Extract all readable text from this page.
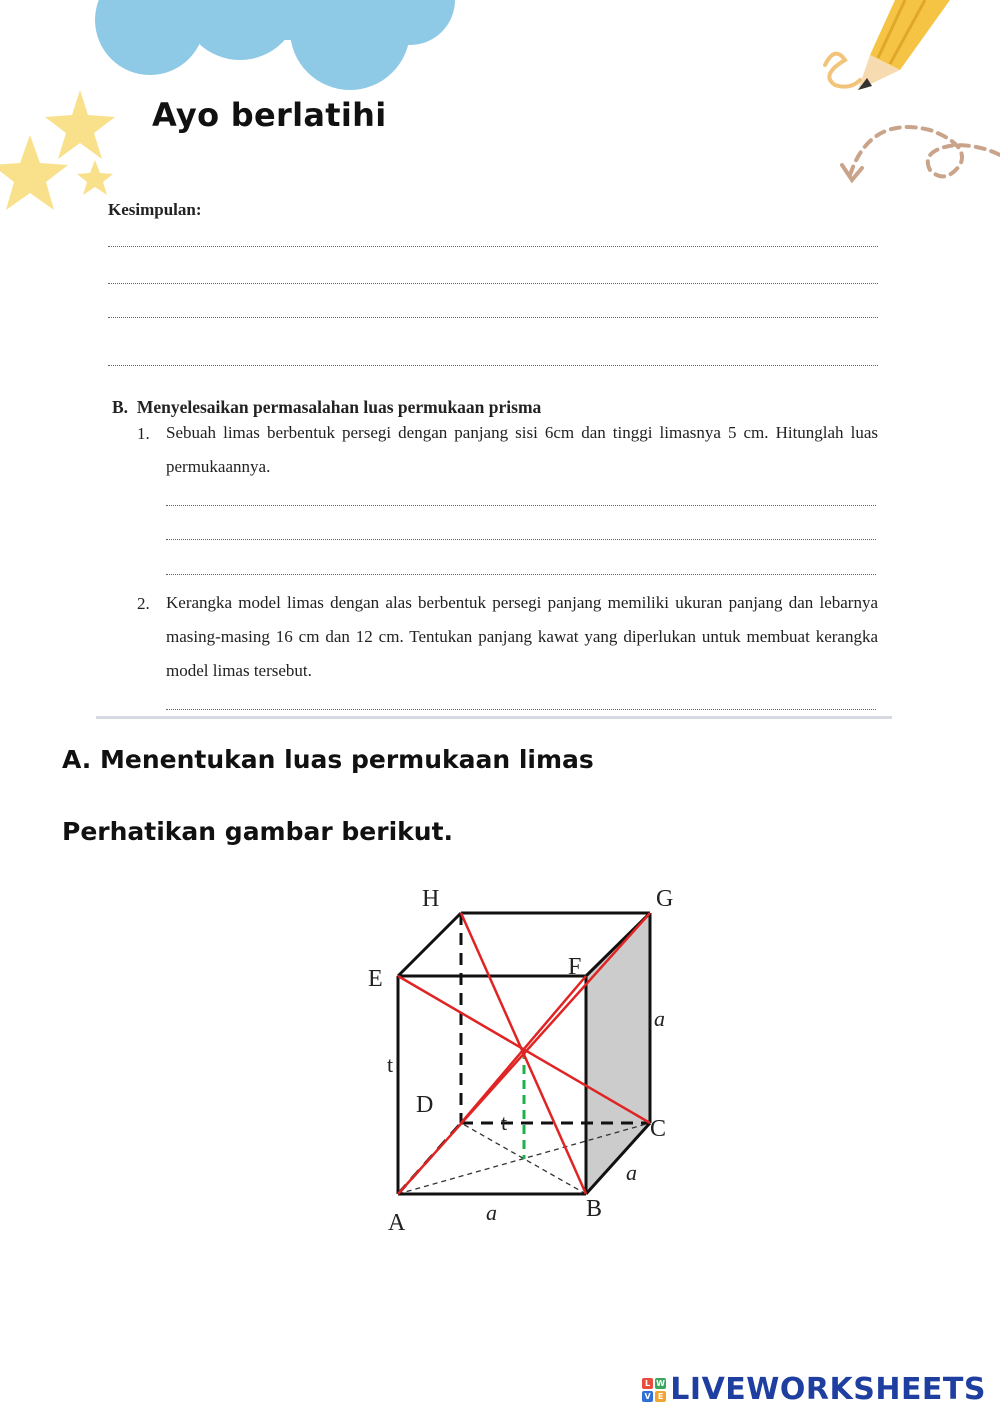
Ayo berlatihi
Kesimpulan:
B. Menyelesaikan permasalahan luas permukaan prisma
1. Sebuah limas berbentuk persegi dengan panjang sisi 6cm dan tinggi limasnya 5 cm. Hitunglah luas permukaannya.
2. Kerangka model limas dengan alas berbentuk persegi panjang memiliki ukuran panjang dan lebarnya masing-masing 16 cm dan 12 cm. Tentukan panjang kawat yang diperlukan untuk membuat kerangka model limas tersebut.
A. Menentukan luas permukaan limas
Perhatikan gambar berikut.
A
B
C
D
E	F
G
H
a
a
a
t
t
L W
V E LIVEWORKSHEETS
